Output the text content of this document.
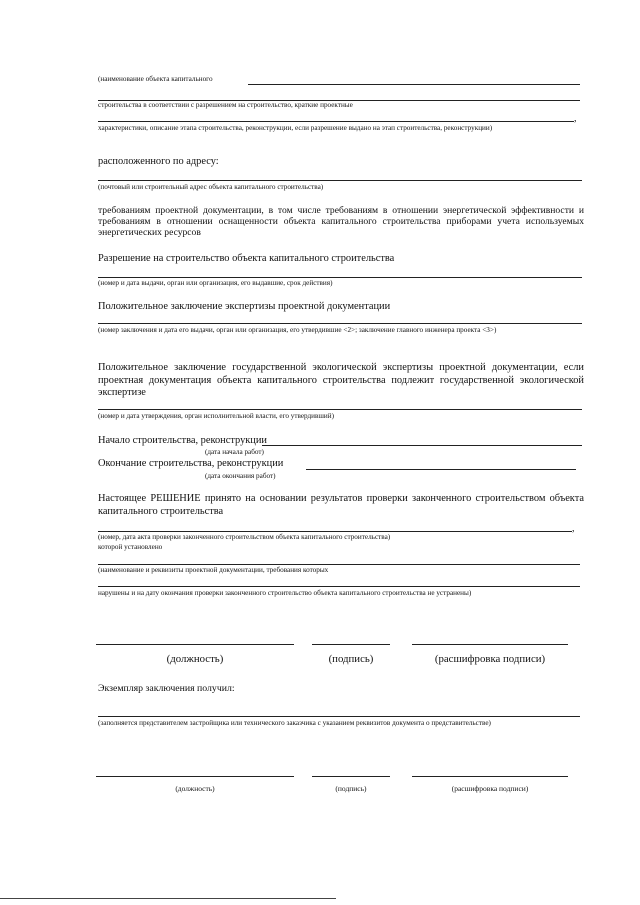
(наименование объекта капитального
строительства в соответствии с разрешением на строительство, краткие проектные
,
характеристики, описание этапа строительства, реконструкции, если разрешение выдано на этап строительства, реконструкции)
расположенного по адресу:
(почтовый или строительный адрес объекта капитального строительства)
требованиям проектной документации, в том числе требованиям в отношении энергетической эффективности и требованиям в отношении оснащенности объекта капитального строительства приборами учета используемых энергетических ресурсов
Разрешение на строительство объекта капитального строительства
(номер и дата выдачи, орган или организация, его выдавшие, срок действия)
Положительное заключение экспертизы проектной документации
(номер заключения и дата его выдачи, орган или организация, его утвердившие <2>; заключение главного инженера проекта <3>)
Положительное заключение государственной экологической экспертизы проектной документации, если проектная документация объекта капитального строительства подлежит государственной экологической экспертизе
(номер и дата утверждения, орган исполнительной власти, его утвердивший)
Начало строительства, реконструкции
(дата начала работ)
Окончание строительства, реконструкции
(дата окончания работ)
Настоящее РЕШЕНИЕ принято на основании результатов проверки законченного строительством объекта капитального строительства
,
(номер, дата акта проверки законченного строительством объекта капитального строительства)
которой установлено
(наименование и реквизиты проектной документации, требования которых
нарушены и на дату окончания проверки законченного строительство объекта капитального строительства не устранены)
(должность)	(подпись)	(расшифровка подписи)
Экземпляр заключения получил:
(заполняется представителем застройщика или технического заказчика с указанием реквизитов документа о представительстве)
(должность)	(подпись)	(расшифровка подписи)
